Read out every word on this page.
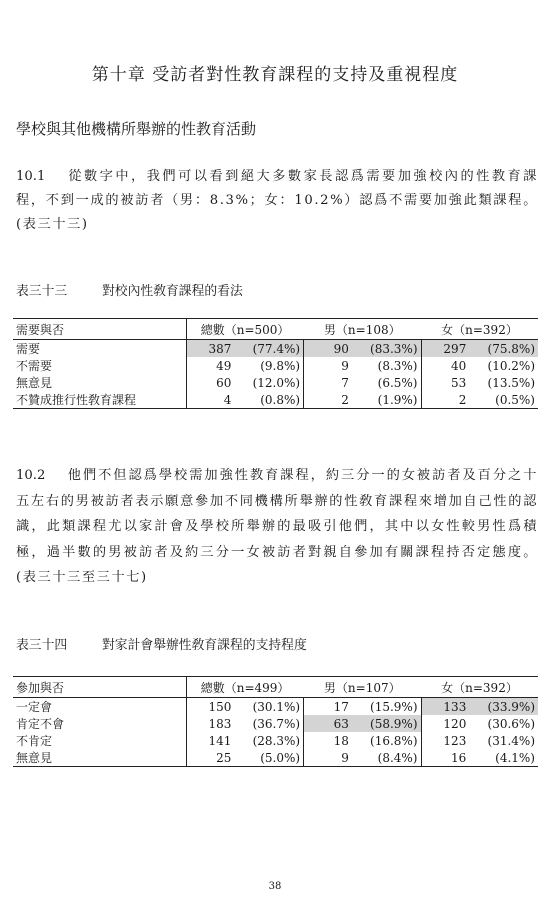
第十章 受訪者對性教育課程的支持及重視程度
學校與其他機構所舉辦的性教育活動
10.1 從數字中，我們可以看到絕大多數家長認爲需要加強校內的性教育課程，不到一成的被訪者（男：8.3%；女：10.2%）認爲不需要加強此類課程。(表三十三)
表三十三	對校內性敎育課程的看法
需要與否	總數（n=500）		男（n=108）		女（n=392）	
需要	387	(77.4%)	90	(83.3%)	297	(75.8%)
不需要	49	(9.8%)	9	(8.3%)	40	(10.2%)
無意見	60	(12.0%)	7	(6.5%)	53	(13.5%)
不贊成推行性敎育課程	4	(0.8%)	2	(1.9%)	2	(0.5%)
10.2 他們不但認爲學校需加強性教育課程，約三分一的女被訪者及百分之十五左右的男被訪者表示願意參加不同機構所舉辦的性敎育課程來增加自己性的認識，此類課程尤以家計會及學校所舉辦的最吸引他們，其中以女性較男性爲積極，過半數的男被訪者及約三分一女被訪者對親自參加有關課程持否定態度。(表三十三至三十七)
表三十四	對家計會舉辦性敎育課程的支持程度
參加與否	總數（n=499）		男（n=107）		女（n=392）	
一定會	150	(30.1%)	17	(15.9%)	133	(33.9%)
肯定不會	183	(36.7%)	63	(58.9%)	120	(30.6%)
不肯定	141	(28.3%)	18	(16.8%)	123	(31.4%)
無意見	25	(5.0%)	9	(8.4%)	16	(4.1%)
38
